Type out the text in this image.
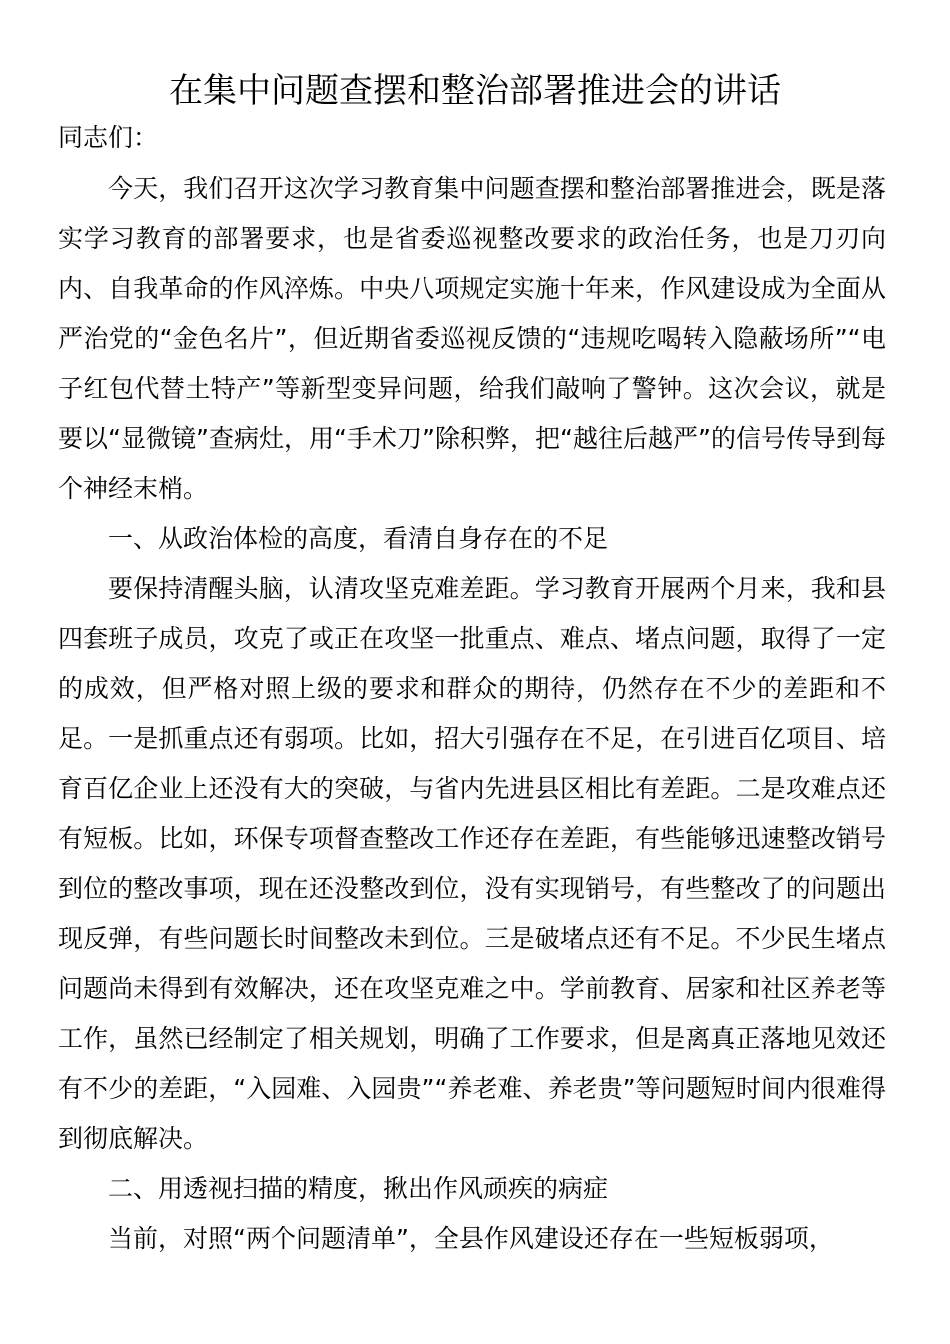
在集中问题查摆和整治部署推进会的讲话
同志们：

今天，我们召开这次学习教育集中问题查摆和整治部署推进会，既是落实学习教育的部署要求，也是省委巡视整改要求的政治任务，也是刀刃向内、自我革命的作风淬炼。中央八项规定实施十年来，作风建设成为全面从严治党的“金色名片”，但近期省委巡视反馈的“违规吃喝转入隐蔽场所”“电子红包代替土特产”等新型变异问题，给我们敲响了警钟。这次会议，就是要以“显微镜”查病灶，用“手术刀”除积弊，把“越往后越严”的信号传导到每个神经末梢。

一、从政治体检的高度，看清自身存在的不足

要保持清醒头脑，认清攻坚克难差距。学习教育开展两个月来，我和县四套班子成员，攻克了或正在攻坚一批重点、难点、堵点问题，取得了一定的成效，但严格对照上级的要求和群众的期待，仍然存在不少的差距和不足。一是抓重点还有弱项。比如，招大引强存在不足，在引进百亿项目、培育百亿企业上还没有大的突破，与省内先进县区相比有差距。二是攻难点还有短板。比如，环保专项督查整改工作还存在差距，有些能够迅速整改销号到位的整改事项，现在还没整改到位，没有实现销号，有些整改了的问题出现反弹，有些问题长时间整改未到位。三是破堵点还有不足。不少民生堵点问题尚未得到有效解决，还在攻坚克难之中。学前教育、居家和社区养老等工作，虽然已经制定了相关规划，明确了工作要求，但是离真正落地见效还有不少的差距，“入园难、入园贵”“养老难、养老贵”等问题短时间内很难得到彻底解决。

二、用透视扫描的精度，揪出作风顽疾的病症

当前，对照“两个问题清单”，全县作风建设还存在一些短板弱项，
